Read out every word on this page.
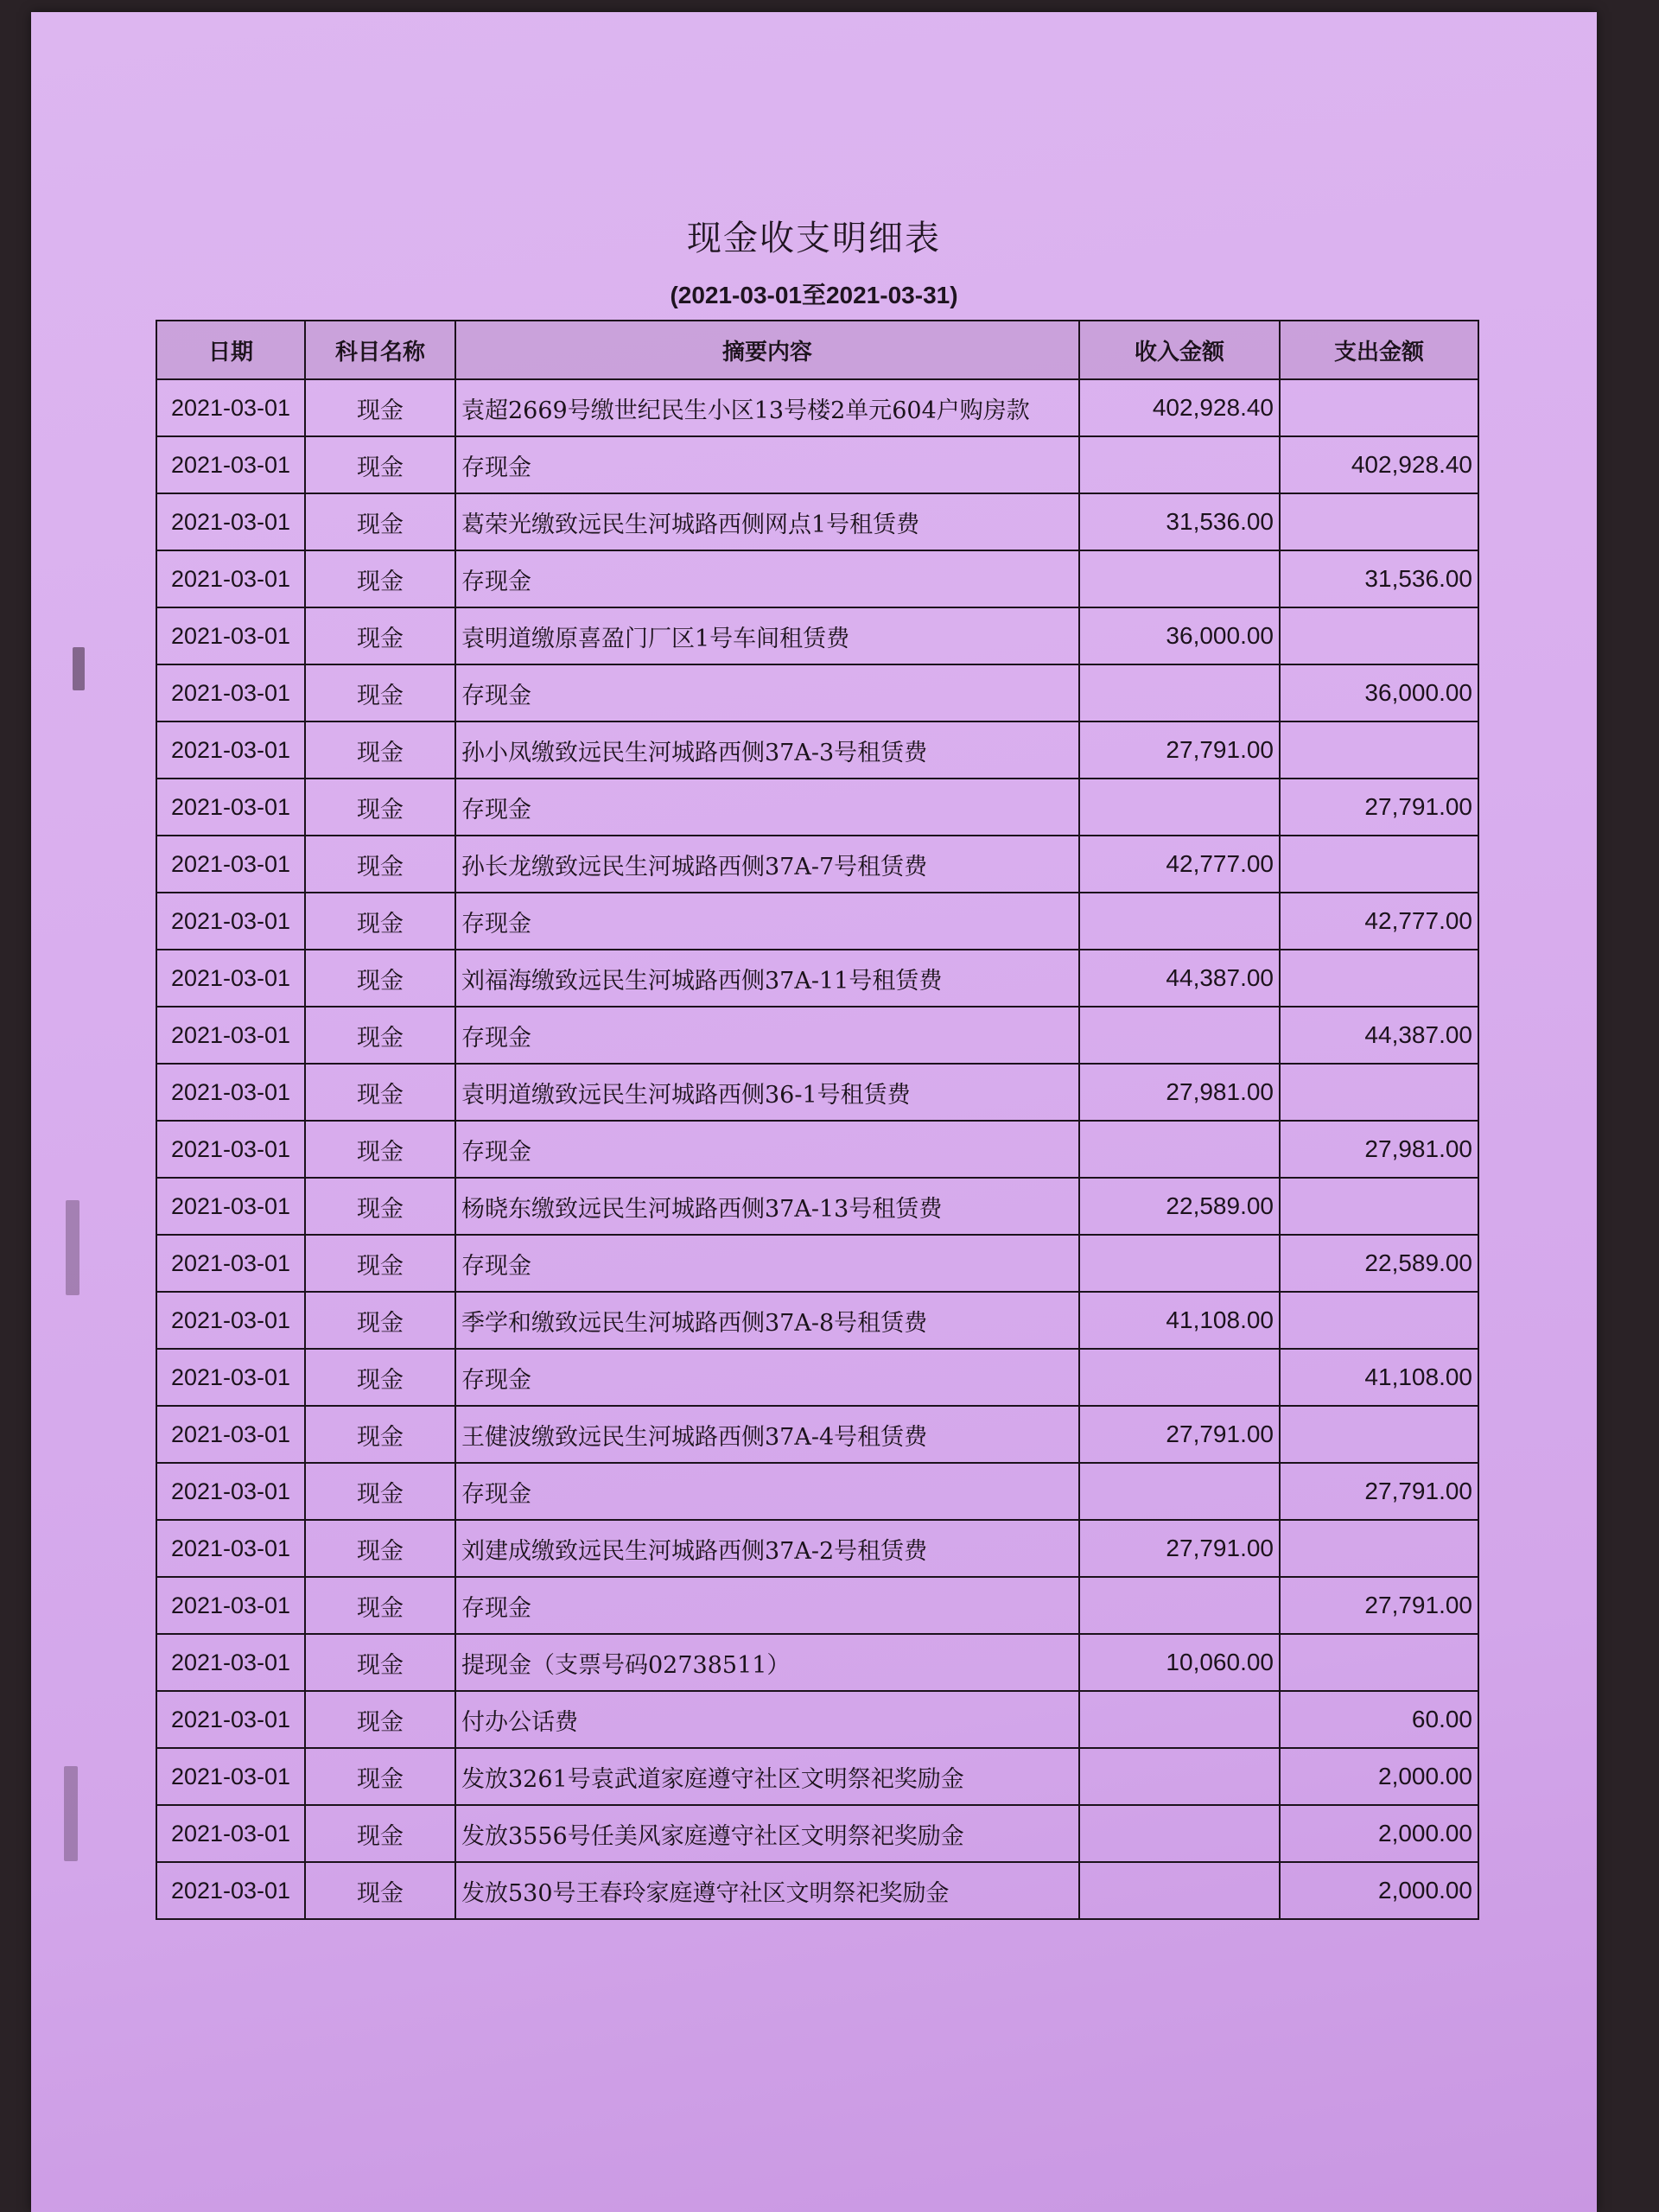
现金收支明细表
(2021-03-01至2021-03-31)
日期	科目名称	摘要内容	收入金额	支出金额
2021-03-01	现金	袁超2669号缴世纪民生小区13号楼2单元604户购房款	402,928.40	
2021-03-01	现金	存现金		402,928.40
2021-03-01	现金	葛荣光缴致远民生河城路西侧网点1号租赁费	31,536.00	
2021-03-01	现金	存现金		31,536.00
2021-03-01	现金	袁明道缴原喜盈门厂区1号车间租赁费	36,000.00	
2021-03-01	现金	存现金		36,000.00
2021-03-01	现金	孙小凤缴致远民生河城路西侧37A-3号租赁费	27,791.00	
2021-03-01	现金	存现金		27,791.00
2021-03-01	现金	孙长龙缴致远民生河城路西侧37A-7号租赁费	42,777.00	
2021-03-01	现金	存现金		42,777.00
2021-03-01	现金	刘福海缴致远民生河城路西侧37A-11号租赁费	44,387.00	
2021-03-01	现金	存现金		44,387.00
2021-03-01	现金	袁明道缴致远民生河城路西侧36-1号租赁费	27,981.00	
2021-03-01	现金	存现金		27,981.00
2021-03-01	现金	杨晓东缴致远民生河城路西侧37A-13号租赁费	22,589.00	
2021-03-01	现金	存现金		22,589.00
2021-03-01	现金	季学和缴致远民生河城路西侧37A-8号租赁费	41,108.00	
2021-03-01	现金	存现金		41,108.00
2021-03-01	现金	王健波缴致远民生河城路西侧37A-4号租赁费	27,791.00	
2021-03-01	现金	存现金		27,791.00
2021-03-01	现金	刘建成缴致远民生河城路西侧37A-2号租赁费	27,791.00	
2021-03-01	现金	存现金		27,791.00
2021-03-01	现金	提现金（支票号码02738511）	10,060.00	
2021-03-01	现金	付办公话费		60.00
2021-03-01	现金	发放3261号袁武道家庭遵守社区文明祭祀奖励金		2,000.00
2021-03-01	现金	发放3556号任美风家庭遵守社区文明祭祀奖励金		2,000.00
2021-03-01	现金	发放530号王春玲家庭遵守社区文明祭祀奖励金		2,000.00
